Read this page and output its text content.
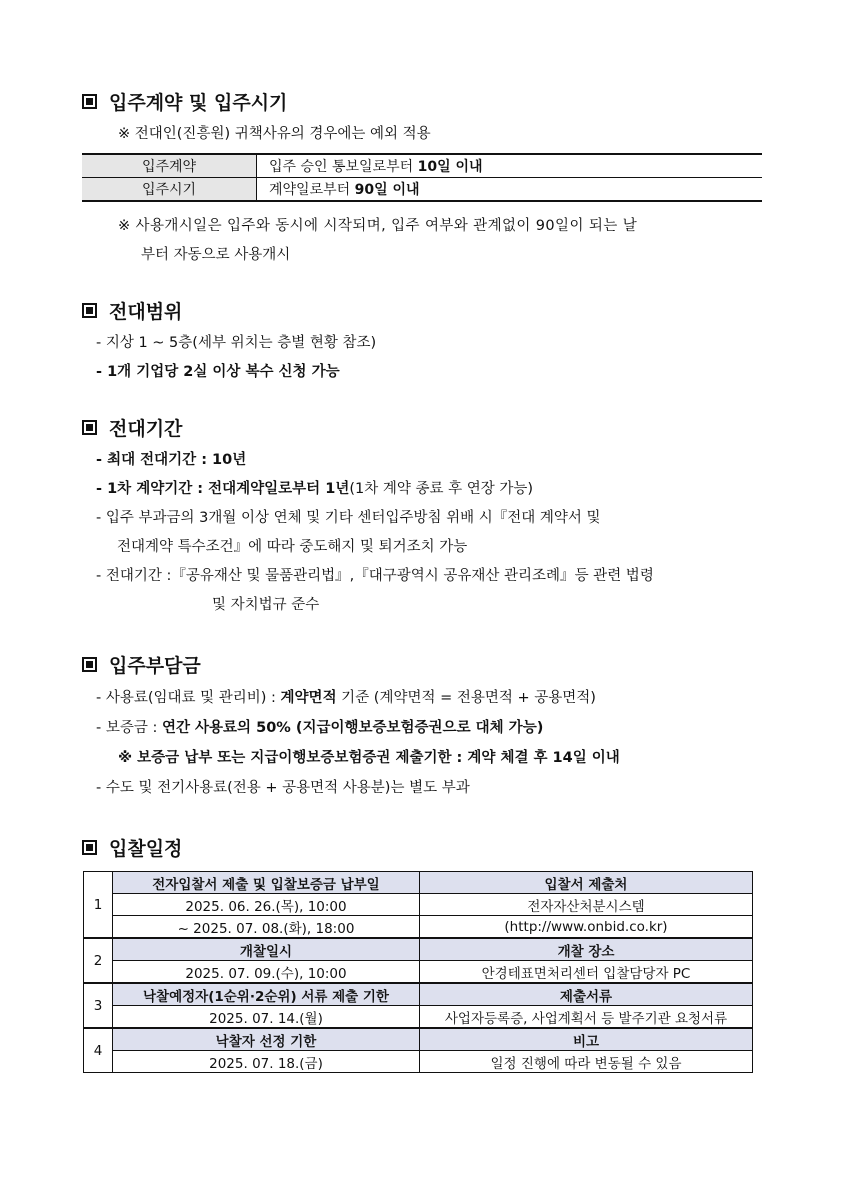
입주계약 및 입주시기
※ 전대인(진흥원) 귀책사유의 경우에는 예외 적용
입주계약	입주 승인 통보일로부터 10일 이내
입주시기	계약일로부터 90일 이내
※ 사용개시일은 입주와 동시에 시작되며, 입주 여부와 관계없이 90일이 되는 날
부터 자동으로 사용개시
전대범위
- 지상 1 ~ 5층(세부 위치는 층별 현황 참조)
- 1개 기업당 2실 이상 복수 신청 가능
전대기간
- 최대 전대기간 : 10년
- 1차 계약기간 : 전대계약일로부터 1년(1차 계약 종료 후 연장 가능)
- 입주 부과금의 3개월 이상 연체 및 기타 센터입주방침 위배 시『전대 계약서 및
전대계약 특수조건』에 따라 중도해지 및 퇴거조치 가능
- 전대기간 :『공유재산 및 물품관리법』,『대구광역시 공유재산 관리조례』등 관련 법령
및 자치법규 준수
입주부담금
- 사용료(임대료 및 관리비) : 계약면적 기준 (계약면적 = 전용면적 + 공용면적)
- 보증금 : 연간 사용료의 50% (지급이행보증보험증권으로 대체 가능)
※ 보증금 납부 또는 지급이행보증보험증권 제출기한 : 계약 체결 후 14일 이내
- 수도 및 전기사용료(전용 + 공용면적 사용분)는 별도 부과
입찰일정
1	전자입찰서 제출 및 입찰보증금 납부일	입찰서 제출처
	2025. 06. 26.(목), 10:00	전자자산처분시스템
	~ 2025. 07. 08.(화), 18:00	(http://www.onbid.co.kr)
2	개찰일시	개찰 장소
	2025. 07. 09.(수), 10:00	안경테표면처리센터 입찰담당자 PC
3	낙찰예정자(1순위·2순위) 서류 제출 기한	제출서류
	2025. 07. 14.(월)	사업자등록증, 사업계획서 등 발주기관 요청서류
4	낙찰자 선정 기한	비고
	2025. 07. 18.(금)	일정 진행에 따라 변동될 수 있음
